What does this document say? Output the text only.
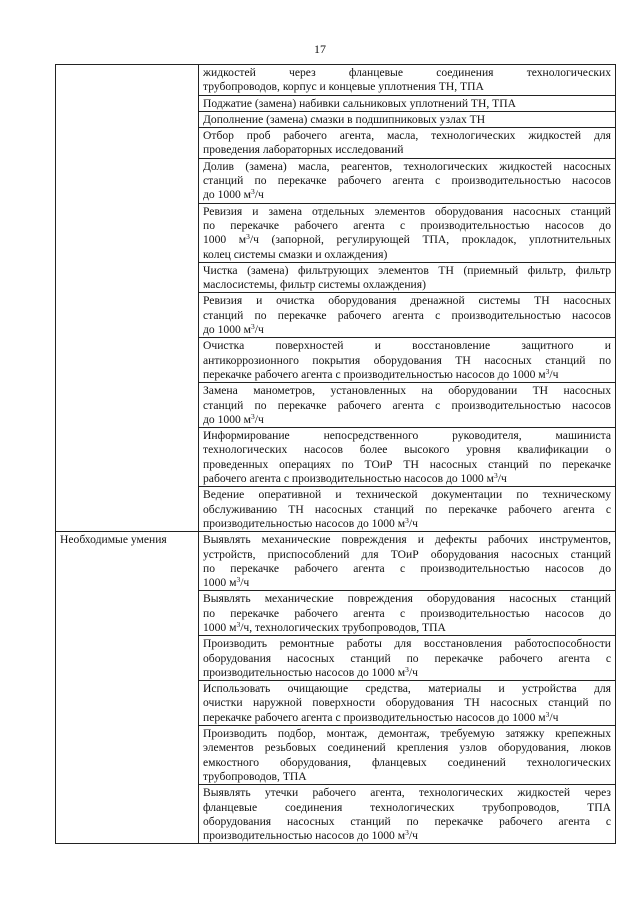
17

	жидкостей через фланцевые соединения технологических
трубопроводов, корпус и концевые уплотнения ТН, ТПА

	Поджатие (замена) набивки сальниковых уплотнений ТН, ТПА

	Дополнение (замена) смазки в подшипниковых узлах ТН

	Отбор проб рабочего агента, масла, технологических жидкостей для
проведения лабораторных исследований

	Долив (замена) масла, реагентов, технологических жидкостей насосных
станций по перекачке рабочего агента с производительностью насосов
до 1000 $м^3/ч$

	Ревизия и замена отдельных элементов оборудования насосных станций
по перекачке рабочего агента с производительностью насосов до
1000 $м^3/ч$ (запорной, регулирующей ТПА, прокладок, уплотнительных
колец системы смазки и охлаждения)

	Чистка (замена) фильтрующих элементов ТН (приемный фильтр, фильтр
маслосистемы, фильтр системы охлаждения)

	Ревизия и очистка оборудования дренажной системы ТН насосных
станций по перекачке рабочего агента с производительностью насосов
до 1000 $м^3/ч$

	Очистка поверхностей и восстановление защитного и
антикоррозионного покрытия оборудования ТН насосных станций по
перекачке рабочего агента с производительностью насосов до 1000 $м^3/ч$

	Замена манометров, установленных на оборудовании ТН насосных
станций по перекачке рабочего агента с производительностью насосов
до 1000 $м^3/ч$

	Информирование непосредственного руководителя, машиниста
технологических насосов более высокого уровня квалификации о
проведенных операциях по ТОиР ТН насосных станций по перекачке
рабочего агента с производительностью насосов до 1000 $м^3/ч$

	Ведение оперативной и технической документации по техническому
обслуживанию ТН насосных станций по перекачке рабочего агента с
производительностью насосов до 1000 $м^3/ч$

Необходимые умения	Выявлять механические повреждения и дефекты рабочих инструментов,
устройств, приспособлений для ТОиР оборудования насосных станций
по перекачке рабочего агента с производительностью насосов до
1000 $м^3/ч$

	Выявлять механические повреждения оборудования насосных станций
по перекачке рабочего агента с производительностью насосов до
1000 $м^3/ч$, технологических трубопроводов, ТПА

	Производить ремонтные работы для восстановления работоспособности
оборудования насосных станций по перекачке рабочего агента с
производительностью насосов до 1000 $м^3/ч$

	Использовать очищающие средства, материалы и устройства для
очистки наружной поверхности оборудования ТН насосных станций по
перекачке рабочего агента с производительностью насосов до 1000 $м^3/ч$

	Производить подбор, монтаж, демонтаж, требуемую затяжку крепежных
элементов резьбовых соединений крепления узлов оборудования, люков
емкостного оборудования, фланцевых соединений технологических
трубопроводов, ТПА

	Выявлять утечки рабочего агента, технологических жидкостей через
фланцевые соединения технологических трубопроводов, ТПА
оборудования насосных станций по перекачке рабочего агента с
производительностью насосов до 1000 $м^3/ч$
